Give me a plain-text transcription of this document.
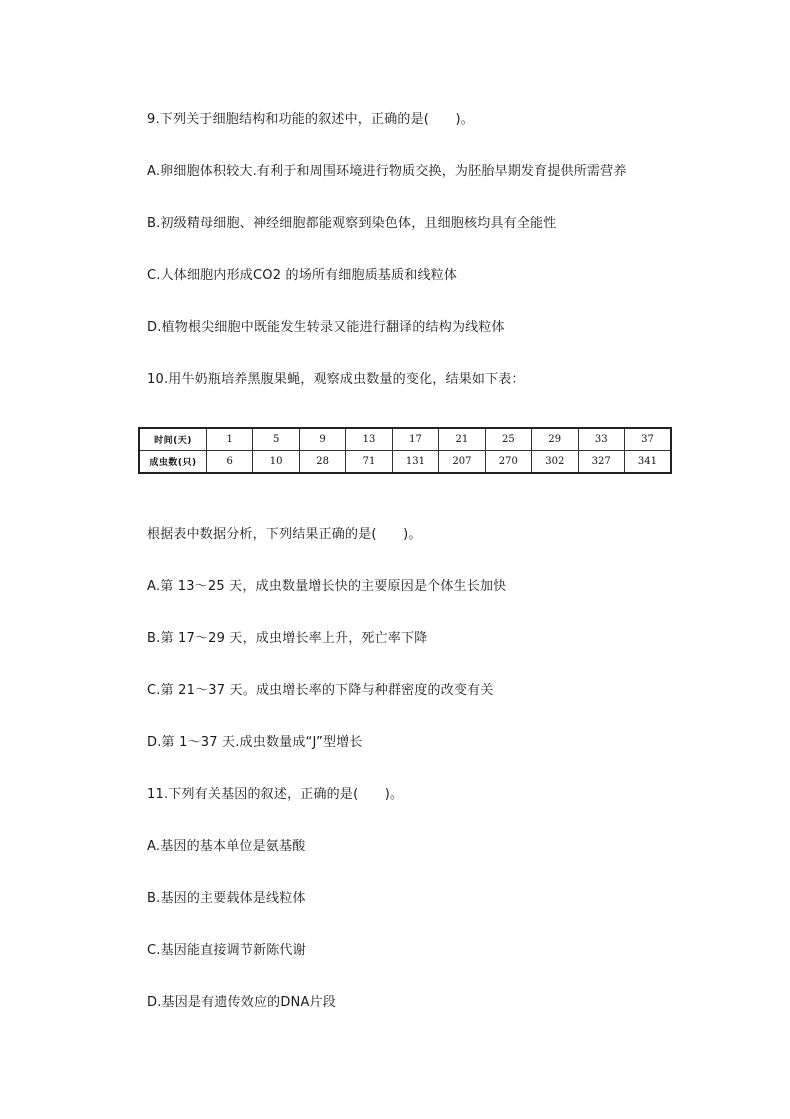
9.下列关于细胞结构和功能的叙述中，正确的是(　　)。
A.卵细胞体积较大.有利于和周围环境进行物质交换，为胚胎早期发育提供所需营养
B.初级精母细胞、神经细胞都能观察到染色体，且细胞核均具有全能性
C.人体细胞内形成CO2 的场所有细胞质基质和线粒体
D.植物根尖细胞中既能发生转录又能进行翻译的结构为线粒体
10.用牛奶瓶培养黑腹果蝇，观察成虫数量的变化，结果如下表：
时间(天)	1	5	9	13	17	21	25	29	33	37
成虫数(只)	6	10	28	71	131	207	270	302	327	341
根据表中数据分析，下列结果正确的是(　　)。
A.第 13～25 天，成虫数量增长快的主要原因是个体生长加快
B.第 17～29 天，成虫增长率上升，死亡率下降
C.第 21～37 天。成虫增长率的下降与种群密度的改变有关
D.第 1～37 天.成虫数量成“J”型增长
11.下列有关基因的叙述，正确的是(　　)。
A.基因的基本单位是氨基酸
B.基因的主要载体是线粒体
C.基因能直接调节新陈代谢
D.基因是有遗传效应的DNA片段
